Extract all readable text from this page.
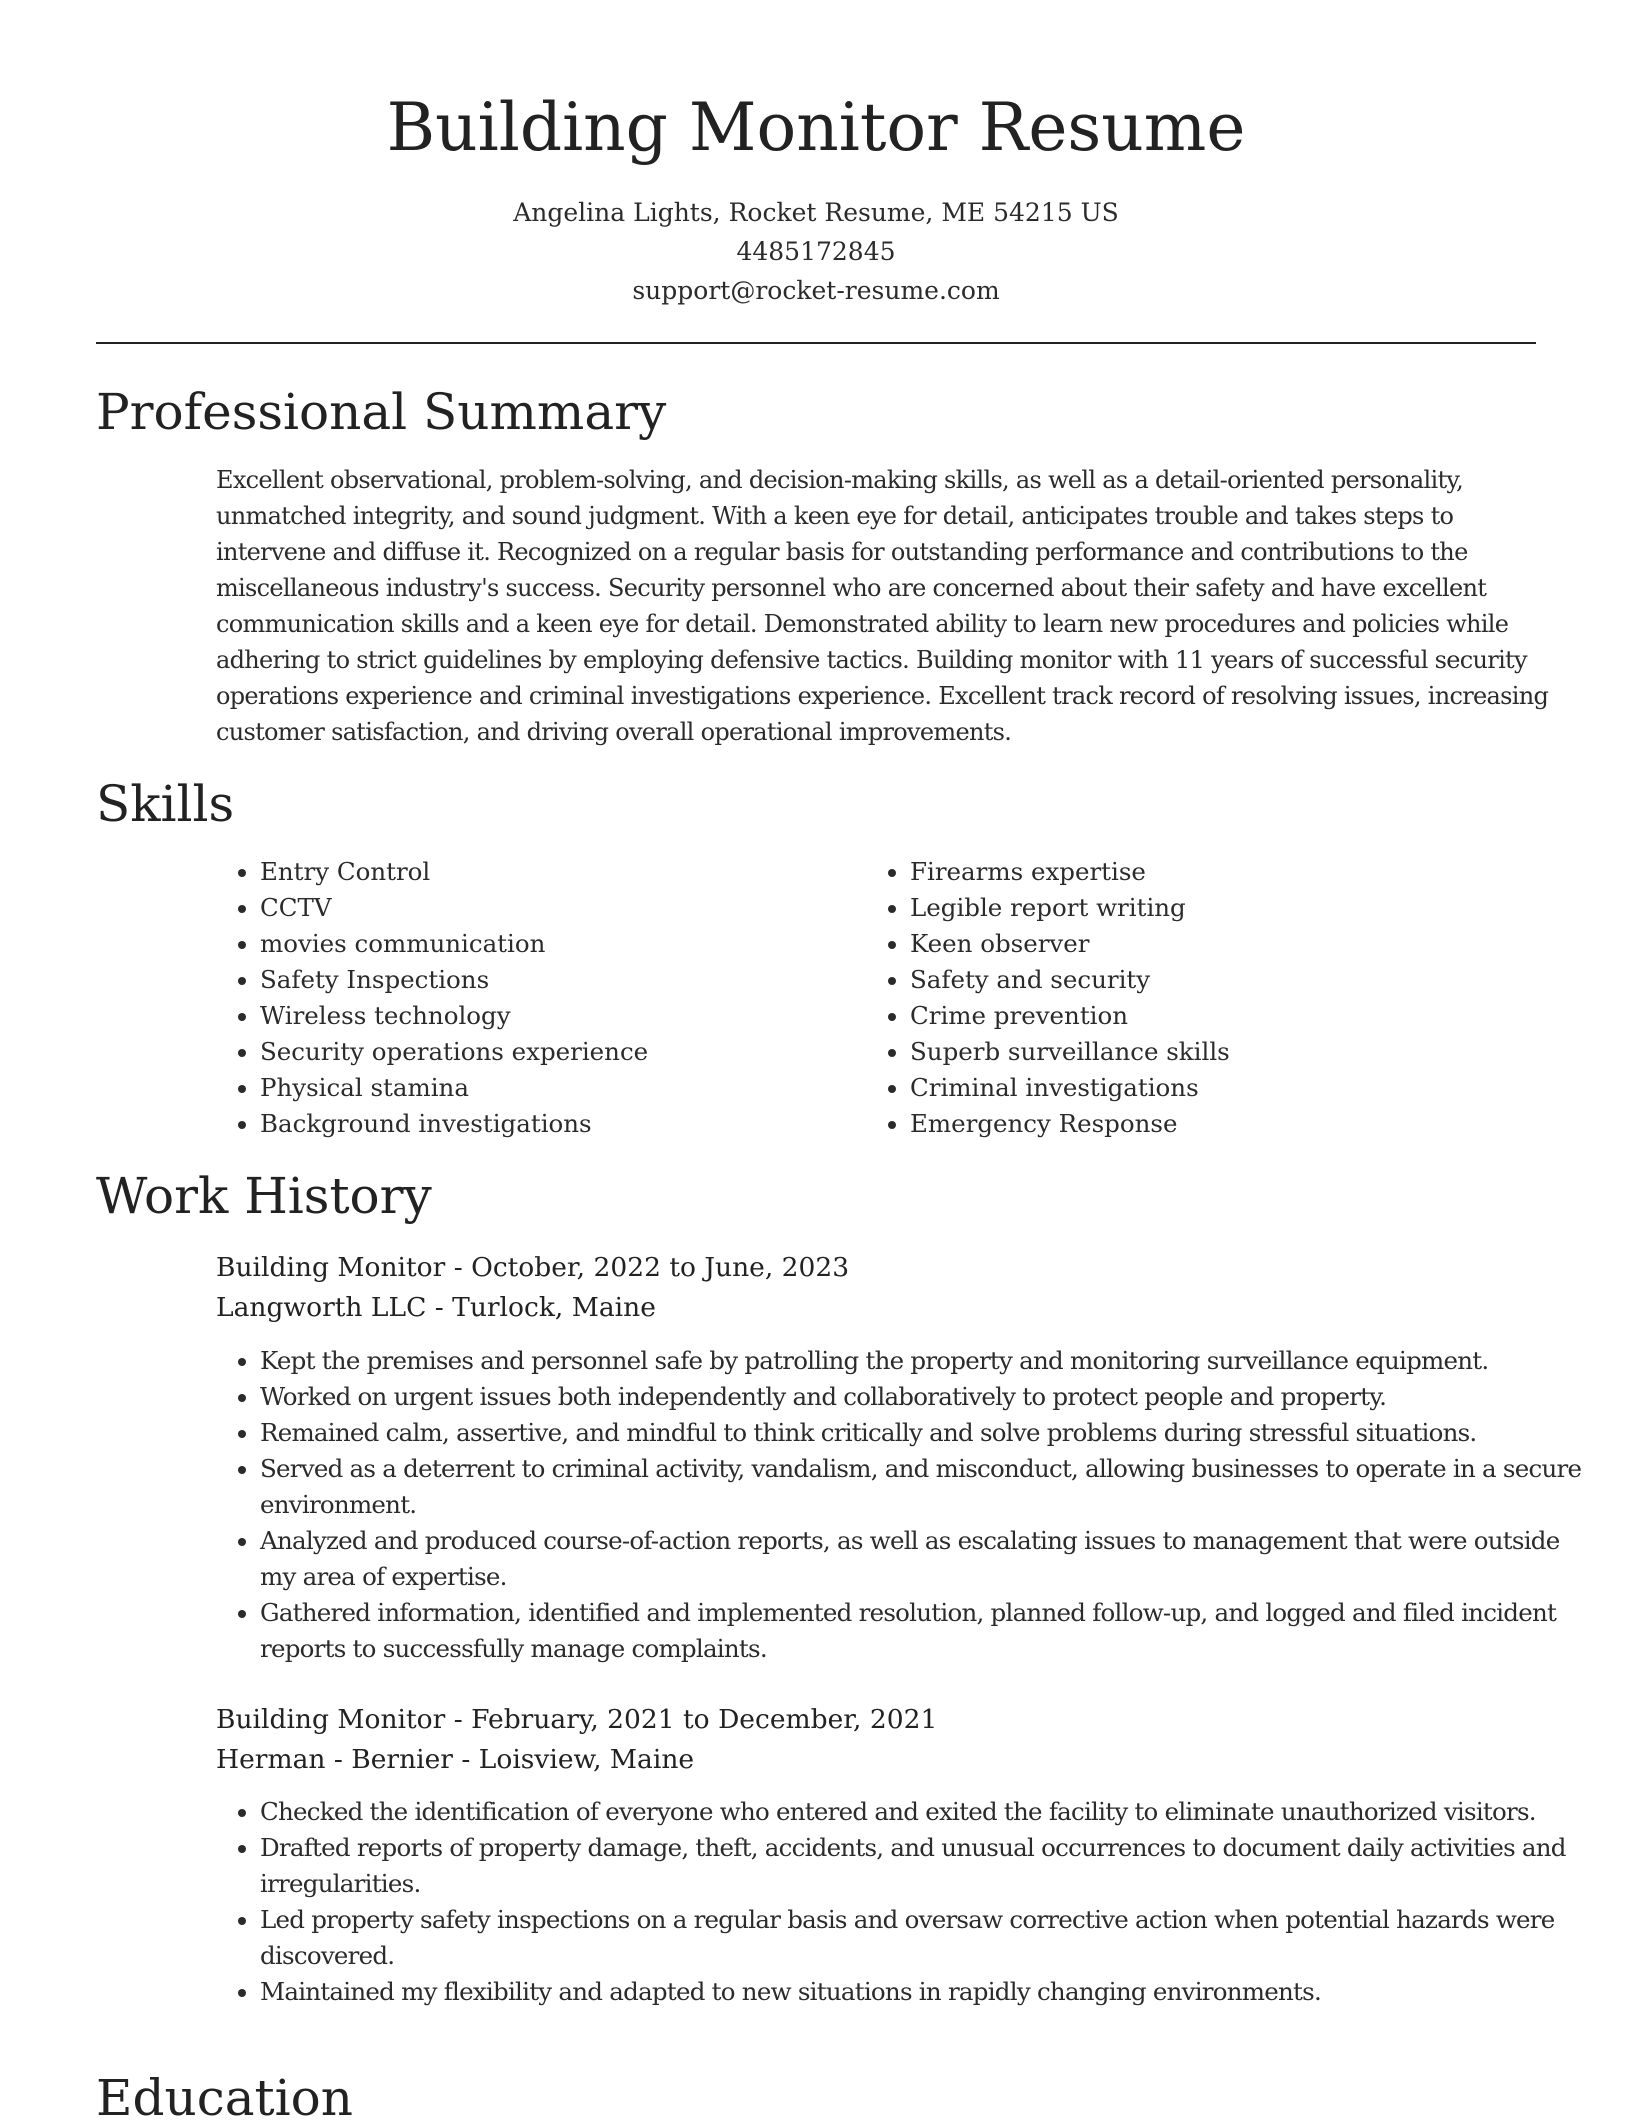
Building Monitor Resume
Angelina Lights, Rocket Resume, ME 54215 US
4485172845
support@rocket-resume.com
Professional Summary

Excellent observational, problem-solving, and decision-making skills, as well as a detail-oriented personality, unmatched integrity, and sound judgment. With a keen eye for detail, anticipates trouble and takes steps to intervene and diffuse it. Recognized on a regular basis for outstanding performance and contributions to the miscellaneous industry's success. Security personnel who are concerned about their safety and have excellent communication skills and a keen eye for detail. Demonstrated ability to learn new procedures and policies while adhering to strict guidelines by employing defensive tactics. Building monitor with 11 years of successful security operations experience and criminal investigations experience. Excellent track record of resolving issues, increasing customer satisfaction, and driving overall operational improvements.

Skills
• Entry Control
• CCTV
• movies communication
• Safety Inspections
• Wireless technology
• Security operations experience
• Physical stamina
• Background investigations
• Firearms expertise
• Legible report writing
• Keen observer
• Safety and security
• Crime prevention
• Superb surveillance skills
• Criminal investigations
• Emergency Response
Work History
Building Monitor - October, 2022 to June, 2023
Langworth LLC - Turlock, Maine
• Kept the premises and personnel safe by patrolling the property and monitoring surveillance equipment.
• Worked on urgent issues both independently and collaboratively to protect people and property.
• Remained calm, assertive, and mindful to think critically and solve problems during stressful situations.
• Served as a deterrent to criminal activity, vandalism, and misconduct, allowing businesses to operate in a secure environment.
• Analyzed and produced course-of-action reports, as well as escalating issues to management that were outside my area of expertise.
• Gathered information, identified and implemented resolution, planned follow-up, and logged and filed incident reports to successfully manage complaints.
Building Monitor - February, 2021 to December, 2021
Herman - Bernier - Loisview, Maine
• Checked the identification of everyone who entered and exited the facility to eliminate unauthorized visitors.
• Drafted reports of property damage, theft, accidents, and unusual occurrences to document daily activities and irregularities.
• Led property safety inspections on a regular basis and oversaw corrective action when potential hazards were discovered.
• Maintained my flexibility and adapted to new situations in rapidly changing environments.
Education
